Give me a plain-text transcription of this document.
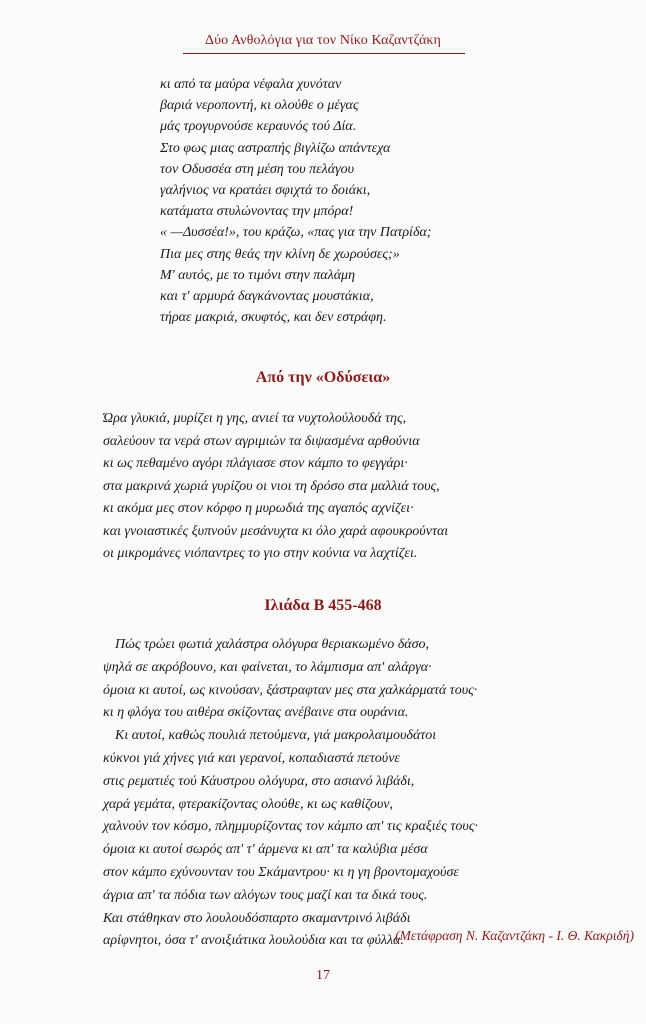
Δύο Ανθολόγια για τον Νίκο Καζαντζάκη
κι από τα μαύρα νέφαλα χυνόταν
βαριά νεροποντή, κι ολούθε ο μέγας
μάς τρογυρνούσε κεραυνός τού Δία.
Στο φως μιας αστραπής βιγλίζω απάντεχα
τον Οδυσσέα στη μέση του πελάγου
γαλήνιος να κρατάει σφιχτά το δοιάκι,
κατάματα στυλώνοντας την μπόρα!
« —Δυσσέα!», του κράζω, «πας για την Πατρίδα;
Πια μες στης θεάς την κλίνη δε χωρούσες;»
Μ' αυτός, με το τιμόνι στην παλάμη
και τ' αρμυρά δαγκάνοντας μουστάκια,
τήραε μακριά, σκυφτός, και δεν εστράφη.
Από την «Οδύσεια»
Ώρα γλυκιά, μυρίζει η γης, ανιεί τα νυχτολούλουδά της,
σαλεύουν τα νερά στων αγριμιών τα διψασμένα αρθούνια
κι ως πεθαμένο αγόρι πλάγιασε στον κάμπο το φεγγάρι·
στα μακρινά χωριά γυρίζου οι νιοι τη δρόσο στα μαλλιά τους,
κι ακόμα μες στον κόρφο η μυρωδιά της αγαπός αχνίζει·
και γνοιαστικές ξυπνούν μεσάνυχτα κι όλο χαρά αφουκρούνται
οι μικρομάνες νιόπαντρες το γιο στην κούνια να λαχτίζει.
Ιλιάδα Β 455-468
Πώς τρώει φωτιά χαλάστρα ολόγυρα θεριακωμένο δάσο,
ψηλά σε ακρόβουνο, και φαίνεται, το λάμπισμα απ' αλάργα·
όμοια κι αυτοί, ως κινούσαν, ξάστραφταν μες στα χαλκάρματά τους·
κι η φλόγα του αιθέρα σκίζοντας ανέβαινε στα ουράνια.
Κι αυτοί, καθώς πουλιά πετούμενα, γιά μακρολαιμουδάτοι
κύκνοι γιά χήνες γιά και γερανοί, κοπαδιαστά πετούνε
στις ρεματιές τού Κάυστρου ολόγυρα, στο ασιανό λιβάδι,
χαρά γεμάτα, φτερακίζοντας ολούθε, κι ως καθίζουν,
χαλνούν τον κόσμο, πλημμυρίζοντας τον κάμπο απ' τις κραξιές τους·
όμοια κι αυτοί σωρός απ' τ' άρμενα κι απ' τα καλύβια μέσα
στον κάμπο εχύνουνταν του Σκάμαντρου· κι η γη βροντομαχούσε
άγρια απ' τα πόδια των αλόγων τους μαζί και τα δικά τους.
Και στάθηκαν στο λουλουδόσπαρτο σκαμαντρινό λιβάδι
αρίφνητοι, όσα τ' ανοιξιάτικα λουλούδια και τα φύλλα.
(Μετάφραση Ν. Καζαντζάκη - Ι. Θ. Κακριδή)
17
